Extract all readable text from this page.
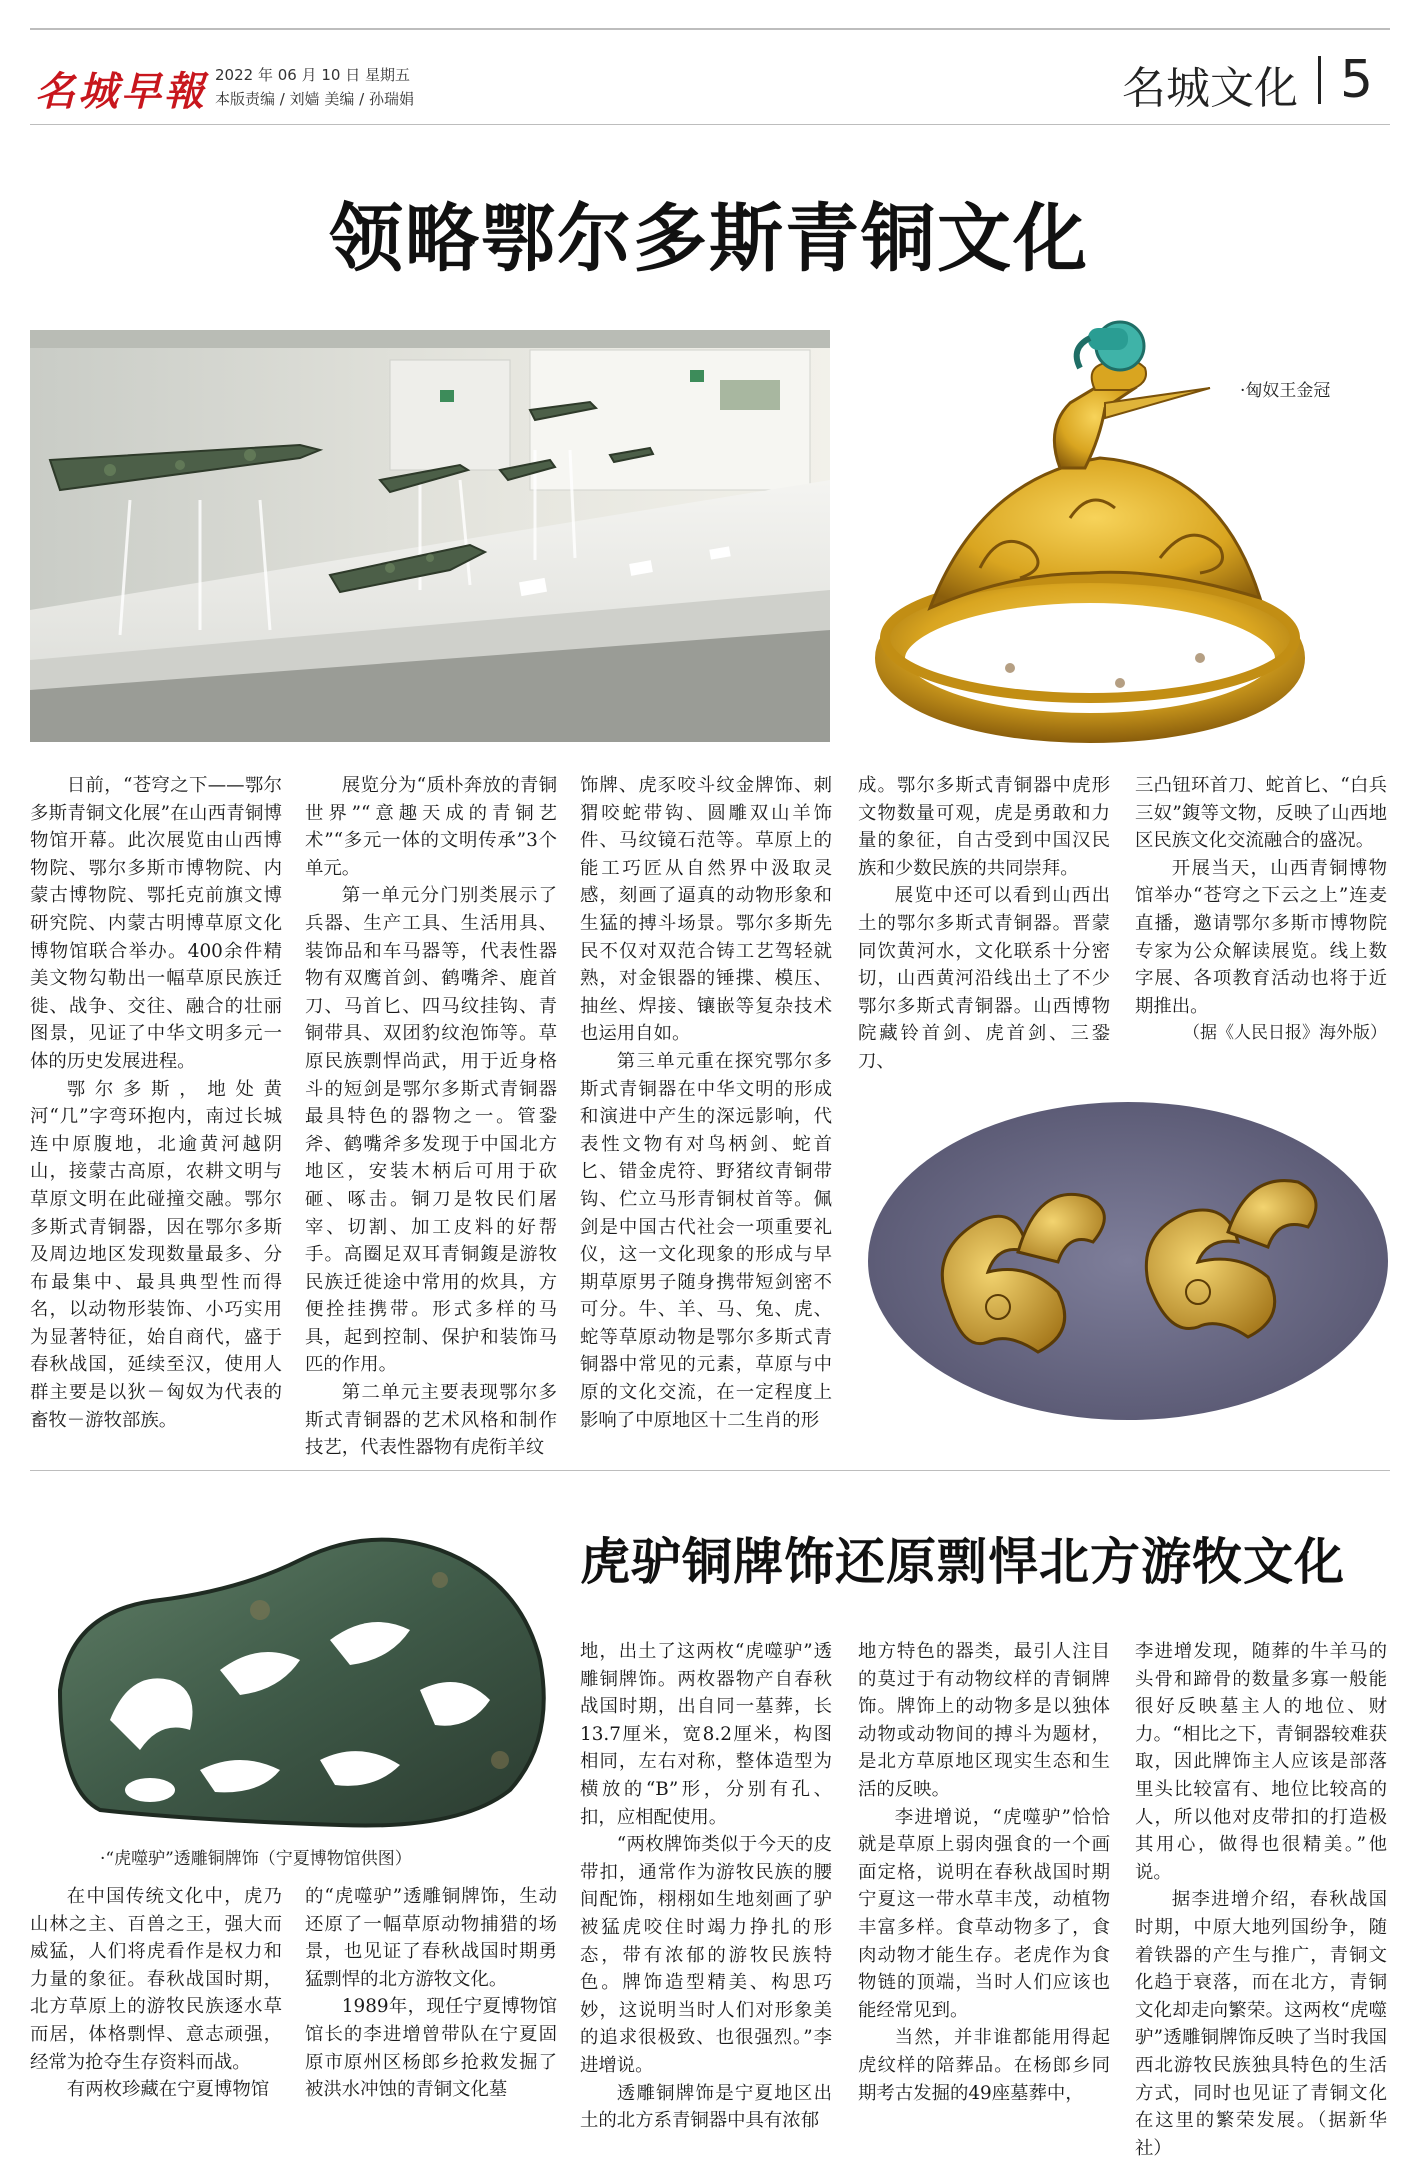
名城早報 2022 年 06 月 10 日 星期五
本版责编 / 刘嫱 美编 / 孙瑞娟	名城文化 5
领略鄂尔多斯青铜文化
·匈奴王金冠

日前，“苍穹之下——鄂尔多斯青铜文化展”在山西青铜博物馆开幕。此次展览由山西博物院、鄂尔多斯市博物院、内蒙古博物院、鄂托克前旗文博研究院、内蒙古明博草原文化博物馆联合举办。400余件精美文物勾勒出一幅草原民族迁徙、战争、交往、融合的壮丽图景，见证了中华文明多元一体的历史发展进程。

鄂尔多斯，地处黄河“几”字弯环抱内，南过长城连中原腹地，北逾黄河越阴山，接蒙古高原，农耕文明与草原文明在此碰撞交融。鄂尔多斯式青铜器，因在鄂尔多斯及周边地区发现数量最多、分布最集中、最具典型性而得名，以动物形装饰、小巧实用为显著特征，始自商代，盛于春秋战国，延续至汉，使用人群主要是以狄－匈奴为代表的畜牧－游牧部族。

展览分为“质朴奔放的青铜世界”“意趣天成的青铜艺术”“多元一体的文明传承”3个单元。

第一单元分门别类展示了兵器、生产工具、生活用具、装饰品和车马器等，代表性器物有双鹰首剑、鹤嘴斧、鹿首刀、马首匕、四马纹挂钩、青铜带具、双团豹纹泡饰等。草原民族剽悍尚武，用于近身格斗的短剑是鄂尔多斯式青铜器最具特色的器物之一。管銎斧、鹤嘴斧多发现于中国北方地区，安装木柄后可用于砍砸、啄击。铜刀是牧民们屠宰、切割、加工皮料的好帮手。高圈足双耳青铜鍑是游牧民族迁徙途中常用的炊具，方便拴挂携带。形式多样的马具，起到控制、保护和装饰马匹的作用。

第二单元主要表现鄂尔多斯式青铜器的艺术风格和制作技艺，代表性器物有虎衔羊纹

饰牌、虎豕咬斗纹金牌饰、刺猬咬蛇带钩、圆雕双山羊饰件、马纹镜石范等。草原上的能工巧匠从自然界中汲取灵感，刻画了逼真的动物形象和生猛的搏斗场景。鄂尔多斯先民不仅对双范合铸工艺驾轻就熟，对金银器的锤揲、模压、抽丝、焊接、镶嵌等复杂技术也运用自如。

第三单元重在探究鄂尔多斯式青铜器在中华文明的形成和演进中产生的深远影响，代表性文物有对鸟柄剑、蛇首匕、错金虎符、野猪纹青铜带钩、伫立马形青铜杖首等。佩剑是中国古代社会一项重要礼仪，这一文化现象的形成与早期草原男子随身携带短剑密不可分。牛、羊、马、兔、虎、蛇等草原动物是鄂尔多斯式青铜器中常见的元素，草原与中原的文化交流，在一定程度上影响了中原地区十二生肖的形

成。鄂尔多斯式青铜器中虎形文物数量可观，虎是勇敢和力量的象征，自古受到中国汉民族和少数民族的共同崇拜。

展览中还可以看到山西出土的鄂尔多斯式青铜器。晋蒙同饮黄河水，文化联系十分密切，山西黄河沿线出土了不少鄂尔多斯式青铜器。山西博物院藏铃首剑、虎首剑、三銎刀、

三凸钮环首刀、蛇首匕、“白兵三奴”鍑等文物，反映了山西地区民族文化交流融合的盛况。

开展当天，山西青铜博物馆举办“苍穹之下云之上”连麦直播，邀请鄂尔多斯市博物院专家为公众解读展览。线上数字展、各项教育活动也将于近期推出。

（据《人民日报》海外版）

虎驴铜牌饰还原剽悍北方游牧文化
·“虎噬驴”透雕铜牌饰（宁夏博物馆供图）

在中国传统文化中，虎乃山林之主、百兽之王，强大而威猛，人们将虎看作是权力和力量的象征。春秋战国时期，北方草原上的游牧民族逐水草而居，体格剽悍、意志顽强，经常为抢夺生存资料而战。

有两枚珍藏在宁夏博物馆

的“虎噬驴”透雕铜牌饰，生动还原了一幅草原动物捕猎的场景，也见证了春秋战国时期勇猛剽悍的北方游牧文化。

1989年，现任宁夏博物馆馆长的李进增曾带队在宁夏固原市原州区杨郎乡抢救发掘了被洪水冲蚀的青铜文化墓

地，出土了这两枚“虎噬驴”透雕铜牌饰。两枚器物产自春秋战国时期，出自同一墓葬，长13.7厘米，宽8.2厘米，构图相同，左右对称，整体造型为横放的“B”形，分别有孔、扣，应相配使用。

“两枚牌饰类似于今天的皮带扣，通常作为游牧民族的腰间配饰，栩栩如生地刻画了驴被猛虎咬住时竭力挣扎的形态，带有浓郁的游牧民族特色。牌饰造型精美、构思巧妙，这说明当时人们对形象美的追求很极致、也很强烈。”李进增说。

透雕铜牌饰是宁夏地区出土的北方系青铜器中具有浓郁

地方特色的器类，最引人注目的莫过于有动物纹样的青铜牌饰。牌饰上的动物多是以独体动物或动物间的搏斗为题材，是北方草原地区现实生态和生活的反映。

李进增说，“虎噬驴”恰恰就是草原上弱肉强食的一个画面定格，说明在春秋战国时期宁夏这一带水草丰茂，动植物丰富多样。食草动物多了，食肉动物才能生存。老虎作为食物链的顶端，当时人们应该也能经常见到。

当然，并非谁都能用得起虎纹样的陪葬品。在杨郎乡同期考古发掘的49座墓葬中，

李进增发现，随葬的牛羊马的头骨和蹄骨的数量多寡一般能很好反映墓主人的地位、财力。“相比之下，青铜器较难获取，因此牌饰主人应该是部落里头比较富有、地位比较高的人，所以他对皮带扣的打造极其用心，做得也很精美。”他说。

据李进增介绍，春秋战国时期，中原大地列国纷争，随着铁器的产生与推广，青铜文化趋于衰落，而在北方，青铜文化却走向繁荣。这两枚“虎噬驴”透雕铜牌饰反映了当时我国西北游牧民族独具特色的生活方式，同时也见证了青铜文化在这里的繁荣发展。（据新华社）
